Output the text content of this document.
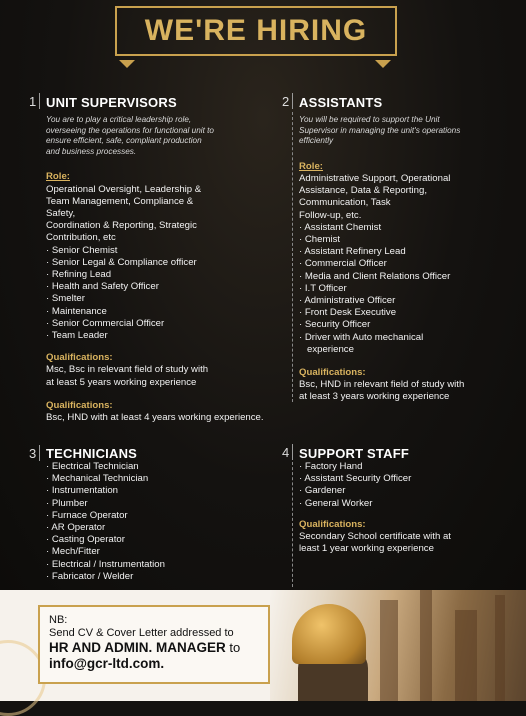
WE'RE HIRING
1 UNIT SUPERVISORS

You are to play a critical leadership role,
overseeing the operations for functional unit to
ensure efficient, safe, compliant production
and business processes.

Role:

Operational Oversight, Leadership &
Team Management, Compliance &
Safety,
Coordination & Reporting, Strategic
Contribution, etc

· Senior Chemist
· Senior Legal & Compliance officer
· Refining Lead
· Health and Safety Officer
· Smelter
· Maintenance
· Senior Commercial Officer
· Team Leader
Qualifications:

Msc, Bsc in relevant field of study with
at least 5 years working experience

Qualifications:

Bsc, HND with at least 4 years working experience.

2 ASSISTANTS

You will be required to support the Unit
Supervisor in managing the unit's operations
efficiently

Role:

Administrative Support, Operational
Assistance, Data & Reporting,
Communication, Task
Follow-up, etc.

· Assistant Chemist
· Chemist
· Assistant Refinery Lead
· Commercial Officer
· Media and Client Relations Officer
· I.T Officer
· Administrative Officer
· Front Desk Executive
· Security Officer
· Driver with Auto mechanical
experience
Qualifications:

Bsc, HND in relevant field of study with
at least 3 years working experience

3 TECHNICIANS
· Electrical Technician
· Mechanical Technician
· Instrumentation
· Plumber
· Furnace Operator
· AR Operator
· Casting Operator
· Mech/Fitter
· Electrical / Instrumentation
· Fabricator / Welder
4 SUPPORT STAFF
· Factory Hand
· Assistant Security Officer
· Gardener
· General Worker
Qualifications:

Secondary School certificate with at
least 1 year working experience

NB:
Send CV & Cover Letter addressed to
HR AND ADMIN. MANAGER to
info@gcr-ltd.com.
